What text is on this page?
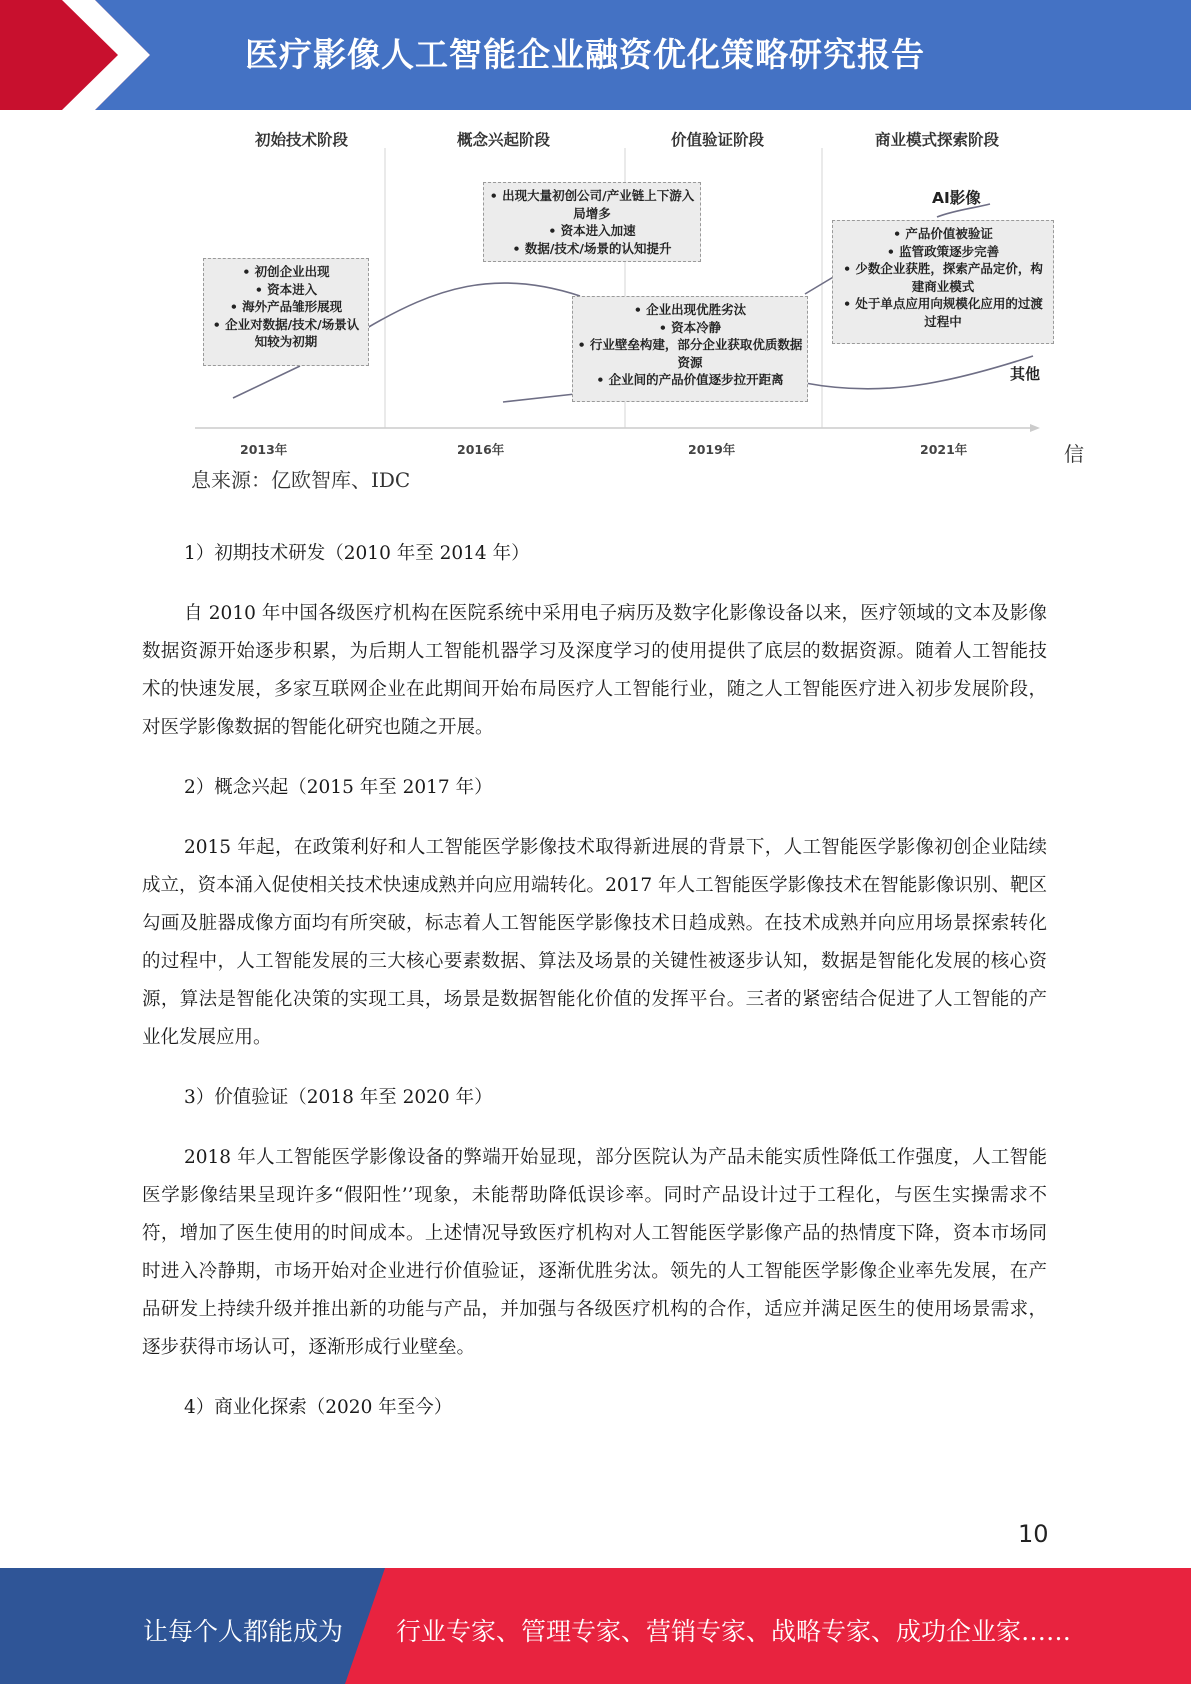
医疗影像人工智能企业融资优化策略研究报告
初始技术阶段	概念兴起阶段	价值验证阶段	商业模式探索阶段
• 初创企业出现
• 资本进入
• 海外产品雏形展现
• 企业对数据/技术/场景认知较为初期
• 出现大量初创公司/产业链上下游入局增多
• 资本进入加速
• 数据/技术/场景的认知提升
• 企业出现优胜劣汰
• 资本冷静
• 行业壁垒构建，部分企业获取优质数据资源
• 企业间的产品价值逐步拉开距离
• 产品价值被验证
• 监管政策逐步完善
• 少数企业获胜，探索产品定价，构建商业模式
• 处于单点应用向规模化应用的过渡过程中
AI影像
其他
2013年	2016年	2019年	2021年	信
息来源：亿欧智库、IDC

1）初期技术研发（2010 年至 2014 年）

自 2010 年中国各级医疗机构在医院系统中采用电子病历及数字化影像设备以来，医疗领域的文本及影像数据资源开始逐步积累，为后期人工智能机器学习及深度学习的使用提供了底层的数据资源。随着人工智能技术的快速发展，多家互联网企业在此期间开始布局医疗人工智能行业，随之人工智能医疗进入初步发展阶段，对医学影像数据的智能化研究也随之开展。

2）概念兴起（2015 年至 2017 年）

2015 年起，在政策利好和人工智能医学影像技术取得新进展的背景下，人工智能医学影像初创企业陆续成立，资本涌入促使相关技术快速成熟并向应用端转化。2017 年人工智能医学影像技术在智能影像识别、靶区勾画及脏器成像方面均有所突破，标志着人工智能医学影像技术日趋成熟。在技术成熟并向应用场景探索转化的过程中，人工智能发展的三大核心要素数据、算法及场景的关键性被逐步认知，数据是智能化发展的核心资源，算法是智能化决策的实现工具，场景是数据智能化价值的发挥平台。三者的紧密结合促进了人工智能的产业化发展应用。

3）价值验证（2018 年至 2020 年）

2018 年人工智能医学影像设备的弊端开始显现，部分医院认为产品未能实质性降低工作强度，人工智能医学影像结果呈现许多“假阳性’’现象，未能帮助降低误诊率。同时产品设计过于工程化，与医生实操需求不符，增加了医生使用的时间成本。上述情况导致医疗机构对人工智能医学影像产品的热情度下降，资本市场同时进入冷静期，市场开始对企业进行价值验证，逐渐优胜劣汰。领先的人工智能医学影像企业率先发展，在产品研发上持续升级并推出新的功能与产品，并加强与各级医疗机构的合作，适应并满足医生的使用场景需求，逐步获得市场认可，逐渐形成行业壁垒。

4）商业化探索（2020 年至今）

10
让每个人都能成为 行业专家、管理专家、营销专家、战略专家、成功企业家……
